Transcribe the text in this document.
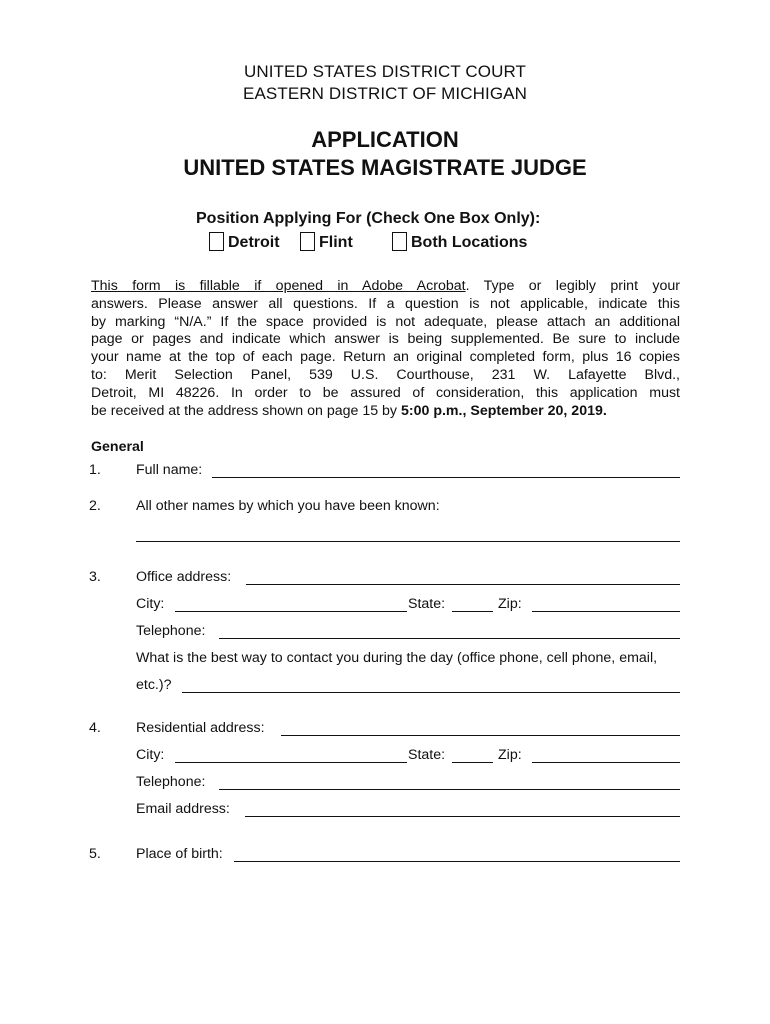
UNITED STATES DISTRICT COURT
EASTERN DISTRICT OF MICHIGAN
APPLICATION
UNITED STATES MAGISTRATE JUDGE
Position Applying For (Check One Box Only):
Detroit	Flint	Both Locations
This form is fillable if opened in Adobe Acrobat. Type or legibly print your
answers. Please answer all questions. If a question is not applicable, indicate this
by marking “N/A.” If the space provided is not adequate, please attach an additional
page or pages and indicate which answer is being supplemented. Be sure to include
your name at the top of each page. Return an original completed form, plus 16 copies
to: Merit Selection Panel, 539 U.S. Courthouse, 231 W. Lafayette Blvd.,
Detroit, MI 48226. In order to be assured of consideration, this application must
be received at the address shown on page 15 by 5:00 p.m., September 20, 2019.
General
1. Full name:
2. All other names by which you have been known:
3. Office address:
City:	State:	Zip:
Telephone:
What is the best way to contact you during the day (office phone, cell phone, email,
etc.)?
4. Residential address:
City:	State:	Zip:
Telephone:
Email address:
5. Place of birth:
